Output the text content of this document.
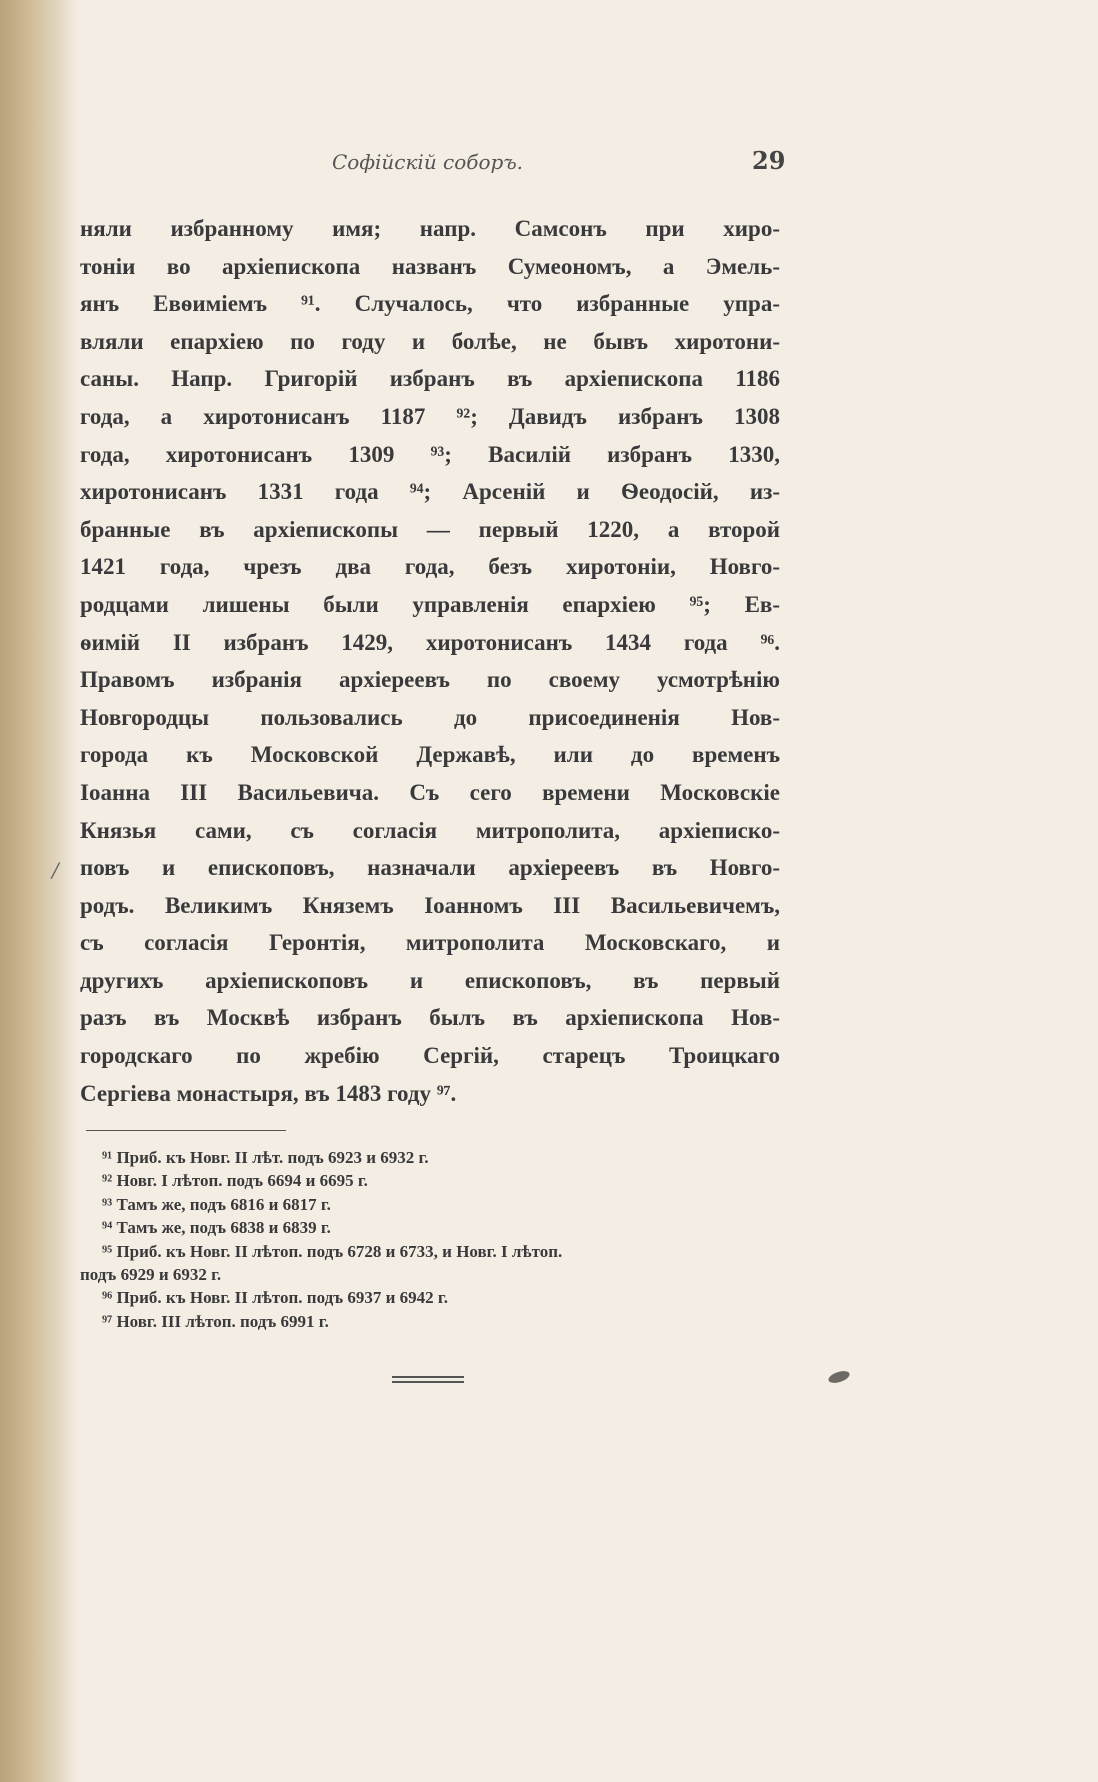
Софійскій соборъ.	29
няли избранному имя; напр. Самсонъ при хиро-
тоніи во архіепископа названъ Сумеономъ, а Эмель-
янъ Евѳиміемъ ⁹¹. Случалось, что избранные упра-
вляли епархіею по году и болѣе, не бывъ хиротони-
саны. Напр. Григорій избранъ въ архіепископа 1186
года, а хиротонисанъ 1187 ⁹²; Давидъ избранъ 1308
года, хиротонисанъ 1309 ⁹³; Василій избранъ 1330,
хиротонисанъ 1331 года ⁹⁴; Арсеній и Ѳеодосій, из-
бранные въ архіепископы — первый 1220, а второй
1421 года, чрезъ два года, безъ хиротоніи, Новго-
родцами лишены были управленія епархіею ⁹⁵; Ев-
ѳимій II избранъ 1429, хиротонисанъ 1434 года ⁹⁶.
Правомъ избранія архіереевъ по своему усмотрѣнію
Новгородцы пользовались до присоединенія Нов-
города къ Московской Державѣ, или до временъ
Іоанна III Васильевича. Съ сего времени Московскіе
Князья сами, съ согласія митрополита, архіеписко-
повъ и епископовъ, назначали архіереевъ въ Новго-
родъ. Великимъ Княземъ Іоанномъ III Васильевичемъ,
съ согласія Геронтія, митрополита Московскаго, и
другихъ архіепископовъ и епископовъ, въ первый
разъ въ Москвѣ избранъ былъ въ архіепископа Нов-
городскаго по жребію Сергій, старецъ Троицкаго
Сергіева монастыря, въ 1483 году ⁹⁷.
/
⁹¹ Приб. къ Новг. II лѣт. подъ 6923 и 6932 г.
⁹² Новг. I лѣтоп. подъ 6694 и 6695 г.
⁹³ Тамъ же, подъ 6816 и 6817 г.
⁹⁴ Тамъ же, подъ 6838 и 6839 г.
⁹⁵ Приб. къ Новг. II лѣтоп. подъ 6728 и 6733, и Новг. I лѣтоп.
подъ 6929 и 6932 г.
⁹⁶ Приб. къ Новг. II лѣтоп. подъ 6937 и 6942 г.
⁹⁷ Новг. III лѣтоп. подъ 6991 г.
